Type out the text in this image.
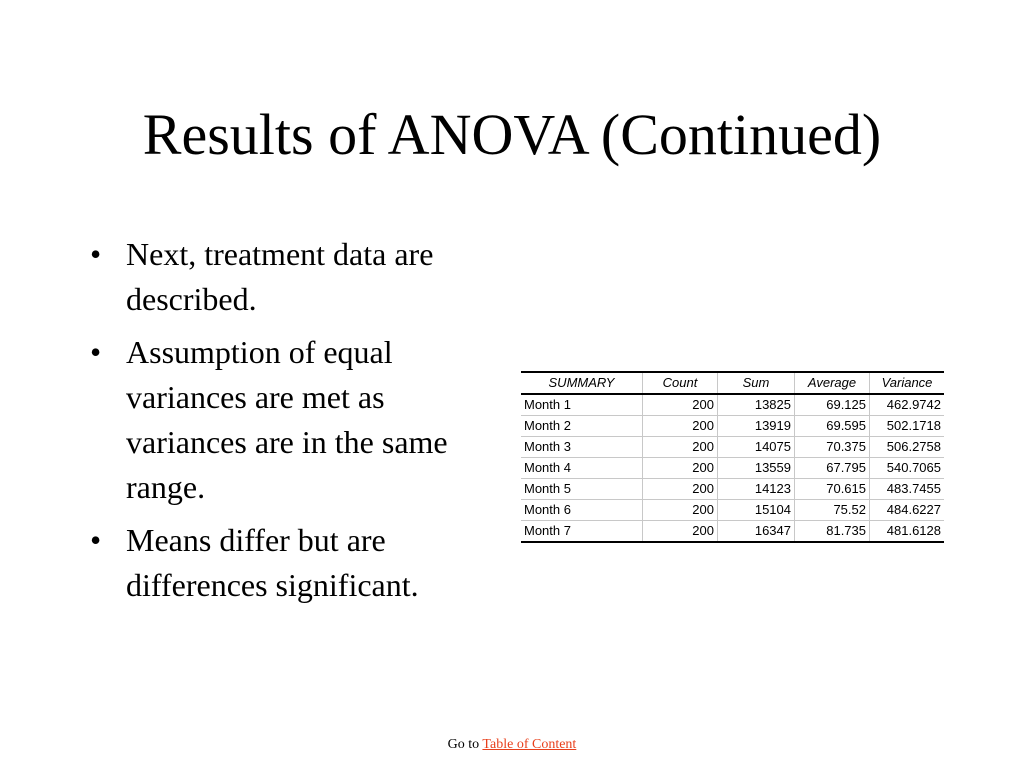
Results of ANOVA (Continued)
• Next, treatment data are described.
• Assumption of equal variances are met as variances are in the same range.
• Means differ but are differences significant.
SUMMARY	Count	Sum	Average	Variance
Month 1	200	13825	69.125	462.9742
Month 2	200	13919	69.595	502.1718
Month 3	200	14075	70.375	506.2758
Month 4	200	13559	67.795	540.7065
Month 5	200	14123	70.615	483.7455
Month 6	200	15104	75.52	484.6227
Month 7	200	16347	81.735	481.6128
Go to Table of Content
